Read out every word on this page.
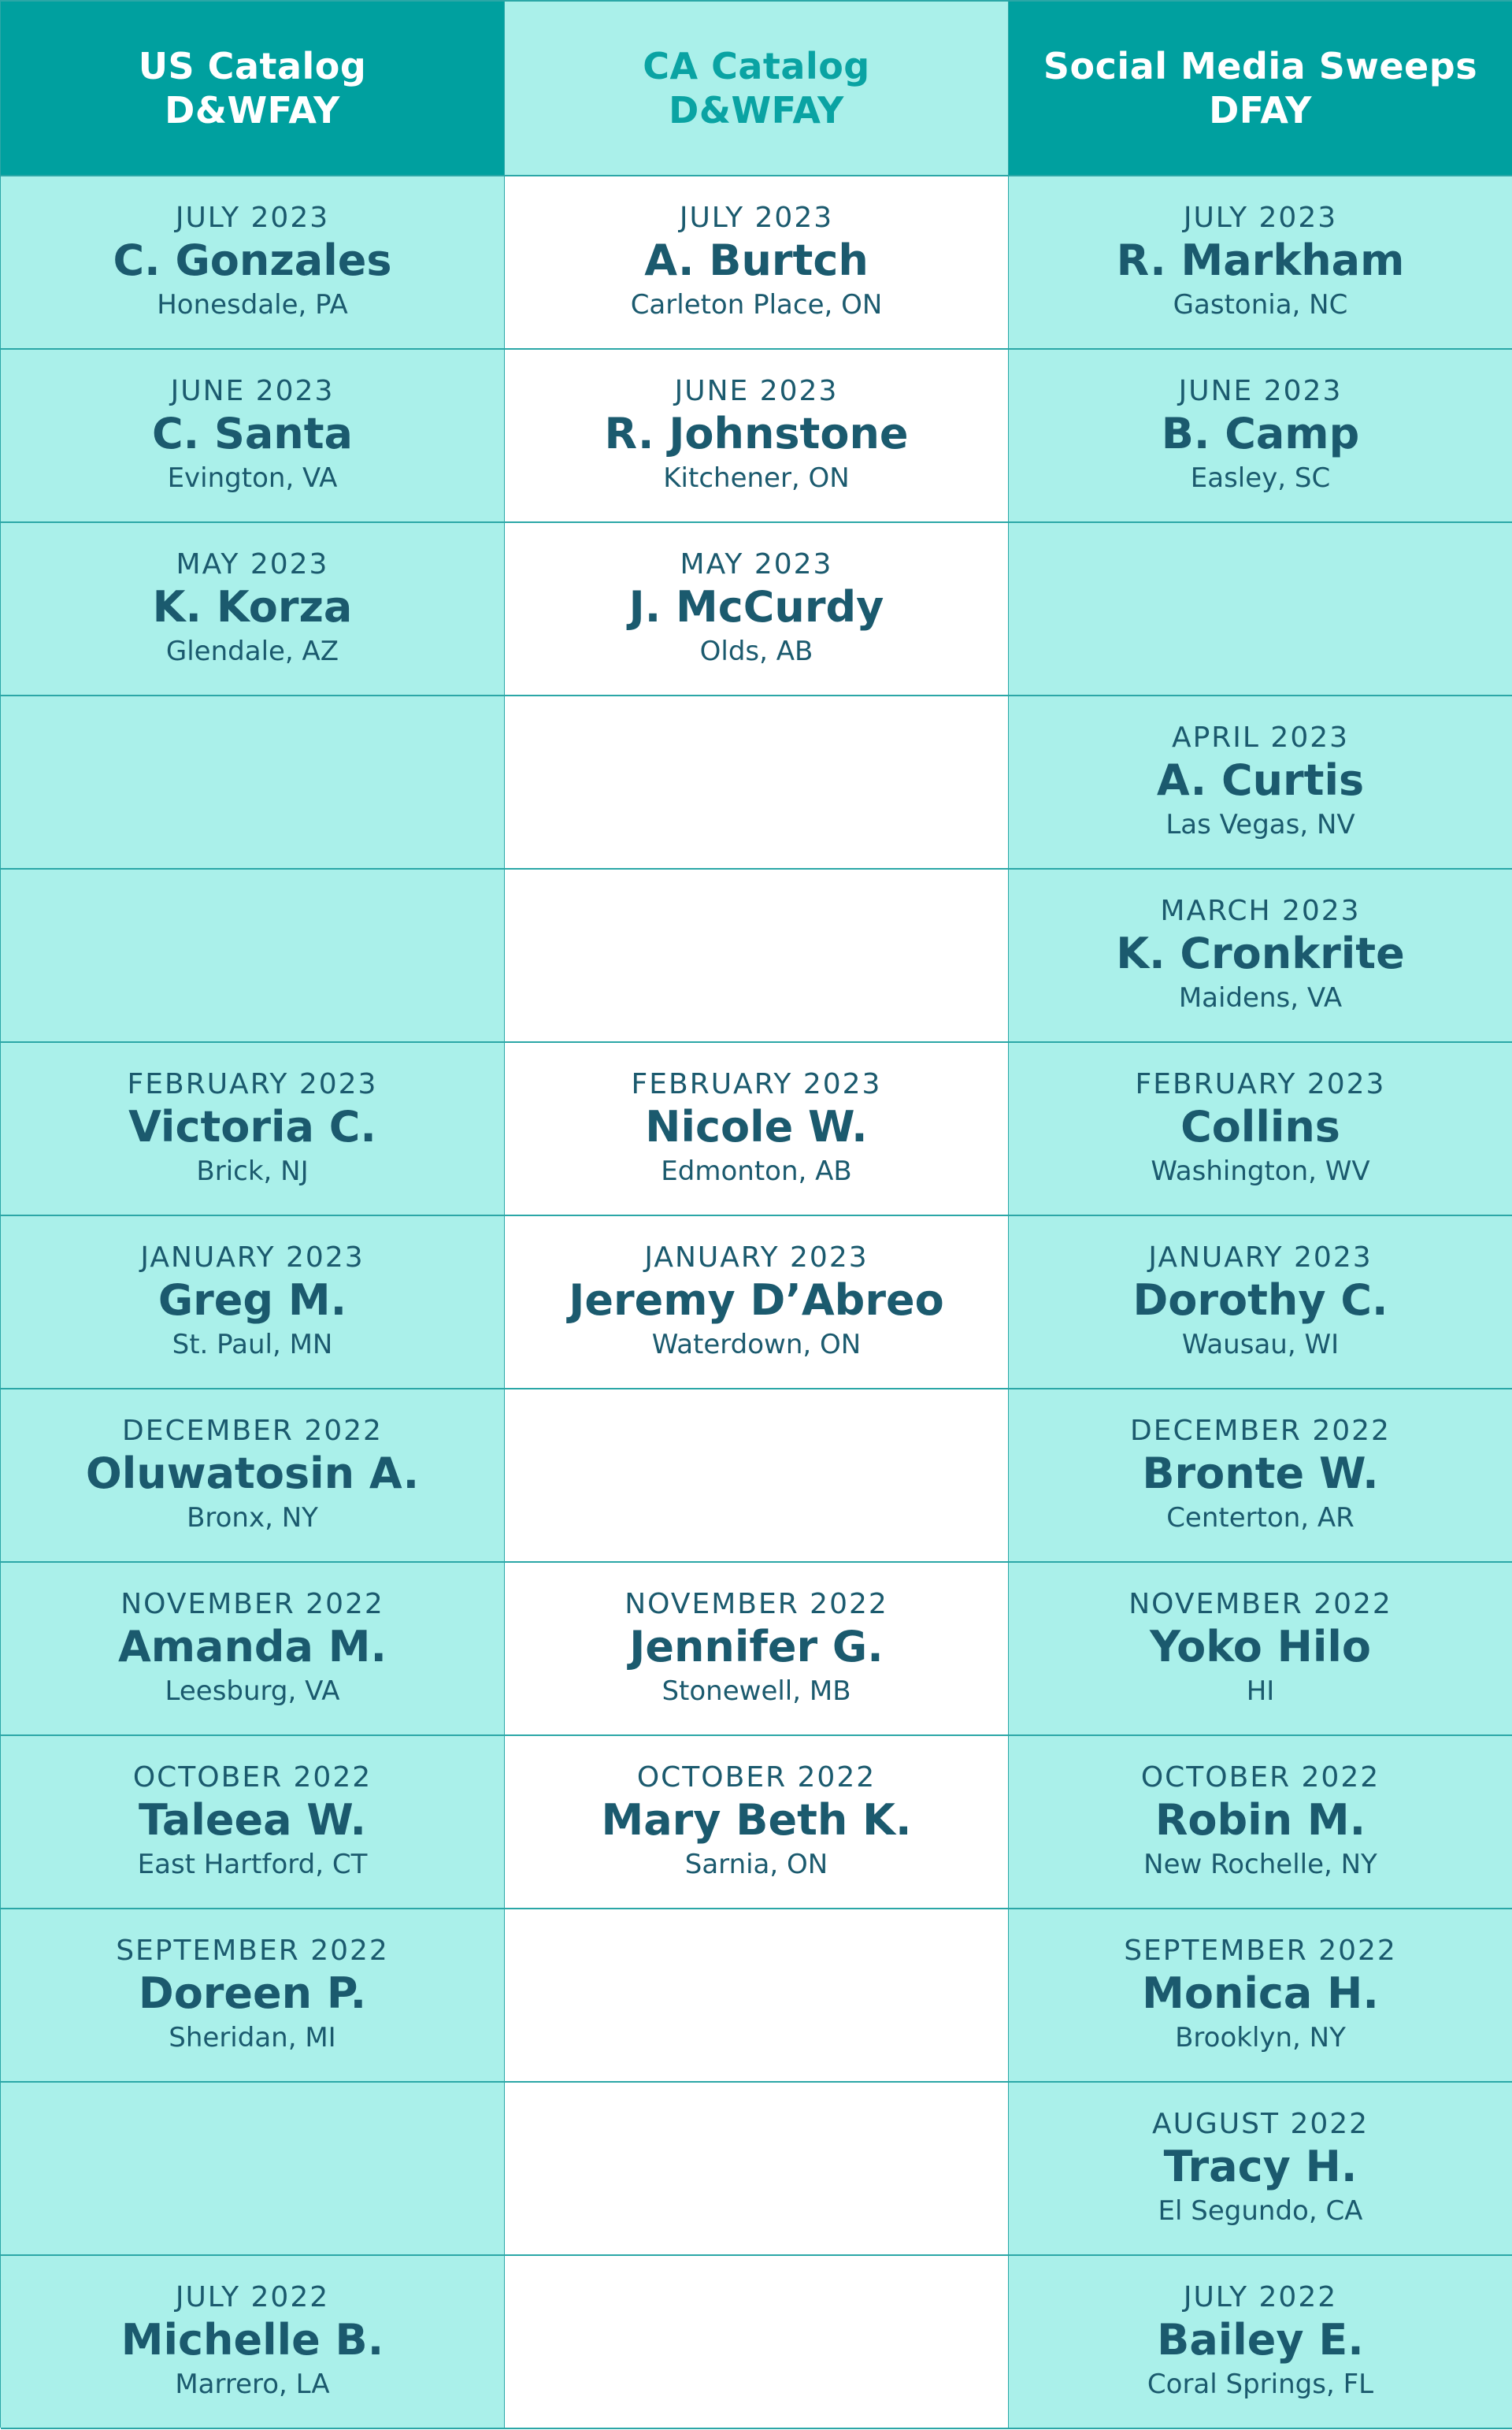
US Catalog
D&WFAY
CA Catalog
D&WFAY
Social Media Sweeps
DFAY
JULY 2023
C. Gonzales
Honesdale, PA
JULY 2023
A. Burtch
Carleton Place, ON
JULY 2023
R. Markham
Gastonia, NC
JUNE 2023
C. Santa
Evington, VA
JUNE 2023
R. Johnstone
Kitchener, ON
JUNE 2023
B. Camp
Easley, SC
MAY 2023
K. Korza
Glendale, AZ
MAY 2023
J. McCurdy
Olds, AB
APRIL 2023
A. Curtis
Las Vegas, NV
MARCH 2023
K. Cronkrite
Maidens, VA
FEBRUARY 2023
Victoria C.
Brick, NJ
FEBRUARY 2023
Nicole W.
Edmonton, AB
FEBRUARY 2023
Collins
Washington, WV
JANUARY 2023
Greg M.
St. Paul, MN
JANUARY 2023
Jeremy D’Abreo
Waterdown, ON
JANUARY 2023
Dorothy C.
Wausau, WI
DECEMBER 2022
Oluwatosin A.
Bronx, NY
DECEMBER 2022
Bronte W.
Centerton, AR
NOVEMBER 2022
Amanda M.
Leesburg, VA
NOVEMBER 2022
Jennifer G.
Stonewell, MB
NOVEMBER 2022
Yoko Hilo
HI
OCTOBER 2022
Taleea W.
East Hartford, CT
OCTOBER 2022
Mary Beth K.
Sarnia, ON
OCTOBER 2022
Robin M.
New Rochelle, NY
SEPTEMBER 2022
Doreen P.
Sheridan, MI
SEPTEMBER 2022
Monica H.
Brooklyn, NY
AUGUST 2022
Tracy H.
El Segundo, CA
JULY 2022
Michelle B.
Marrero, LA
JULY 2022
Bailey E.
Coral Springs, FL
